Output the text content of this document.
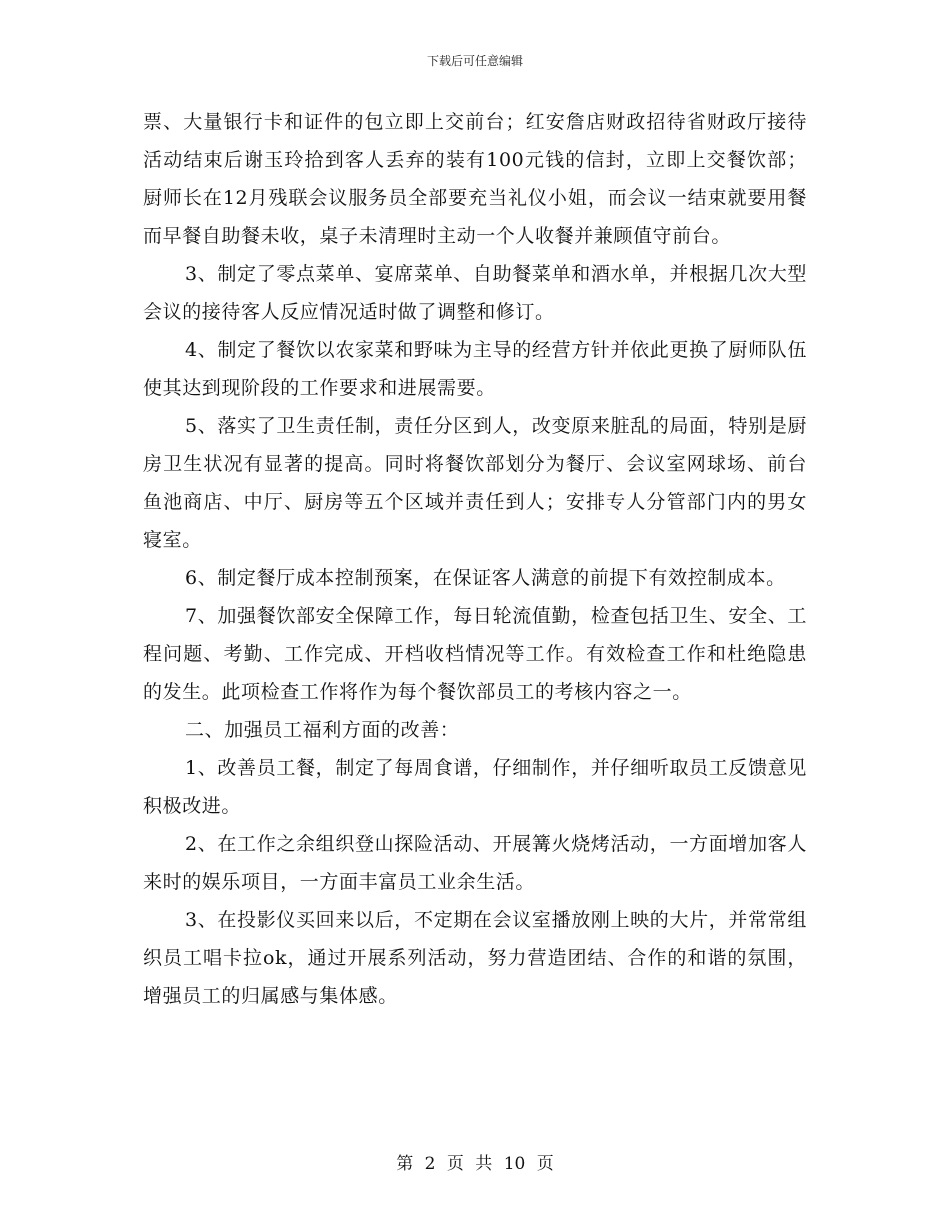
下载后可任意编辑

票、大量银行卡和证件的包立即上交前台；红安詹店财政招待省财政厅接待活动结束后谢玉玲拾到客人丢弃的装有100元钱的信封，立即上交餐饮部；厨师长在12月残联会议服务员全部要充当礼仪小姐，而会议一结束就要用餐而早餐自助餐未收，桌子未清理时主动一个人收餐并兼顾值守前台。

3、制定了零点菜单、宴席菜单、自助餐菜单和酒水单，并根据几次大型会议的接待客人反应情况适时做了调整和修订。

4、制定了餐饮以农家菜和野味为主导的经营方针并依此更换了厨师队伍使其达到现阶段的工作要求和进展需要。

5、落实了卫生责任制，责任分区到人，改变原来脏乱的局面，特别是厨房卫生状况有显著的提高。同时将餐饮部划分为餐厅、会议室网球场、前台鱼池商店、中厅、厨房等五个区域并责任到人；安排专人分管部门内的男女寝室。

6、制定餐厅成本控制预案，在保证客人满意的前提下有效控制成本。

7、加强餐饮部安全保障工作，每日轮流值勤，检查包括卫生、安全、工程问题、考勤、工作完成、开档收档情况等工作。有效检查工作和杜绝隐患的发生。此项检查工作将作为每个餐饮部员工的考核内容之一。

二、加强员工福利方面的改善：

1、改善员工餐，制定了每周食谱，仔细制作，并仔细听取员工反馈意见积极改进。

2、在工作之余组织登山探险活动、开展篝火烧烤活动，一方面增加客人来时的娱乐项目，一方面丰富员工业余生活。

3、在投影仪买回来以后，不定期在会议室播放刚上映的大片，并常常组织员工唱卡拉ok，通过开展系列活动，努力营造团结、合作的和谐的氛围，增强员工的归属感与集体感。

第 2 页 共 10 页
